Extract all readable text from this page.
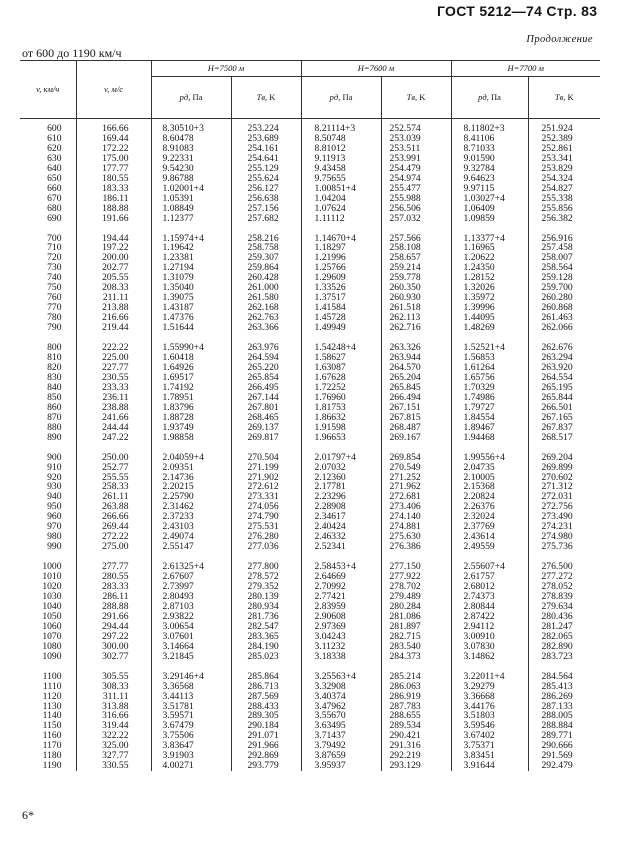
ГОСТ 5212—74 Стр. 83
Продолжение
от 600 до 1190 км/ч
v, км/ч	v, м/с	H=7500 м		H=7600 м		H=7700 м	
		pд, Па	Tв, K	pд, Па	Tв, K	pд, Па	Tв, K
600	166.66	8.30510+3	253.224	8.21114+3	252.574	8.11802+3	251.924
610	169.44	8.60478	253.689	8.50748	253.039	8.41106	252.389
620	172.22	8.91083	254.161	8.81012	253.511	8.71033	252.861
630	175.00	9.22331	254.641	9.11913	253.991	9.01590	253.341
640	177.77	9.54230	255.129	9.43458	254.479	9.32784	253.829
650	180.55	9.86788	255.624	9.75655	254.974	9.64623	254.324
660	183.33	1.02001+4	256.127	1.00851+4	255.477	9.97115	254.827
670	186.11	1.05391	256.638	1.04204	255.988	1.03027+4	255.338
680	188.88	1.08849	257.156	1.07624	256.506	1.06409	255.856
690	191.66	1.12377	257.682	1.11112	257.032	1.09859	256.382

700	194.44	1.15974+4	258.216	1.14670+4	257.566	1.13377+4	256.916
710	197.22	1.19642	258.758	1.18297	258.108	1.16965	257.458
720	200.00	1.23381	259.307	1.21996	258.657	1.20622	258.007
730	202.77	1.27194	259.864	1.25766	259.214	1.24350	258.564
740	205.55	1.31079	260.428	1.29609	259.778	1.28152	259.128
750	208.33	1.35040	261.000	1.33526	260.350	1.32026	259.700
760	211.11	1.39075	261.580	1.37517	260.930	1.35972	260.280
770	213.88	1.43187	262.168	1.41584	261.518	1.39996	260.868
780	216.66	1.47376	262.763	1.45728	262.113	1.44095	261.463
790	219.44	1.51644	263.366	1.49949	262.716	1.48269	262.066

800	222.22	1.55990+4	263.976	1.54248+4	263.326	1.52521+4	262.676
810	225.00	1.60418	264.594	1.58627	263.944	1.56853	263.294
820	227.77	1.64926	265.220	1.63087	264.570	1.61264	263.920
830	230.55	1.69517	265.854	1.67628	265.204	1.65756	264.554
840	233.33	1.74192	266.495	1.72252	265.845	1.70329	265.195
850	236.11	1.78951	267.144	1.76960	266.494	1.74986	265.844
860	238.88	1.83796	267.801	1.81753	267.151	1.79727	266.501
870	241.66	1.88728	268.465	1.86632	267.815	1.84554	267.165
880	244.44	1.93749	269.137	1.91598	268.487	1.89467	267.837
890	247.22	1.98858	269.817	1.96653	269.167	1.94468	268.517

900	250.00	2.04059+4	270.504	2.01797+4	269.854	1.99556+4	269.204
910	252.77	2.09351	271.199	2.07032	270.549	2.04735	269.899
920	255.55	2.14736	271.902	2.12360	271.252	2.10005	270.602
930	258.33	2.20215	272.612	2.17781	271.962	2.15368	271.312
940	261.11	2.25790	273.331	2.23296	272.681	2.20824	272.031
950	263.88	2.31462	274.056	2.28908	273.406	2.26376	272.756
960	266.66	2.37233	274.790	2.34617	274.140	2.32024	273.490
970	269.44	2.43103	275.531	2.40424	274.881	2.37769	274.231
980	272.22	2.49074	276.280	2.46332	275.630	2.43614	274.980
990	275.00	2.55147	277.036	2.52341	276.386	2.49559	275.736

1000	277.77	2.61325+4	277.800	2.58453+4	277.150	2.55607+4	276.500
1010	280.55	2.67607	278.572	2.64669	277.922	2.61757	277.272
1020	283.33	2.73997	279.352	2.70992	278.702	2.68012	278.052
1030	286.11	2.80493	280.139	2.77421	279.489	2.74373	278.839
1040	288.88	2.87103	280.934	2.83959	280.284	2.80844	279.634
1050	291.66	2.93822	281.736	2.90608	281.086	2.87422	280.436
1060	294.44	3.00654	282.547	2.97369	281.897	2.94112	281.247
1070	297.22	3.07601	283.365	3.04243	282.715	3.00910	282.065
1080	300.00	3.14664	284.190	3.11232	283.540	3.07830	282.890
1090	302.77	3.21845	285.023	3.18338	284.373	3.14862	283.723

1100	305.55	3.29146+4	285.864	3.25563+4	285.214	3.22011+4	284.564
1110	308.33	3.36568	286.713	3.32908	286.063	3.29279	285.413
1120	311.11	3.44113	287.569	3.40374	286.919	3.36668	286.269
1130	313.88	3.51781	288.433	3.47962	287.783	3.44176	287.133
1140	316.66	3.59571	289.305	3.55670	288.655	3.51803	288.005
1150	319.44	3.67479	290.184	3.63495	289.534	3.59546	288.884
1160	322.22	3.75506	291.071	3.71437	290.421	3.67402	289.771
1170	325.00	3.83647	291.966	3.79492	291.316	3.75371	290.666
1180	327.77	3.91903	292.869	3.87659	292.219	3.83451	291.569
1190	330.55	4.00271	293.779	3.95937	293.129	3.91644	292.479
6*
